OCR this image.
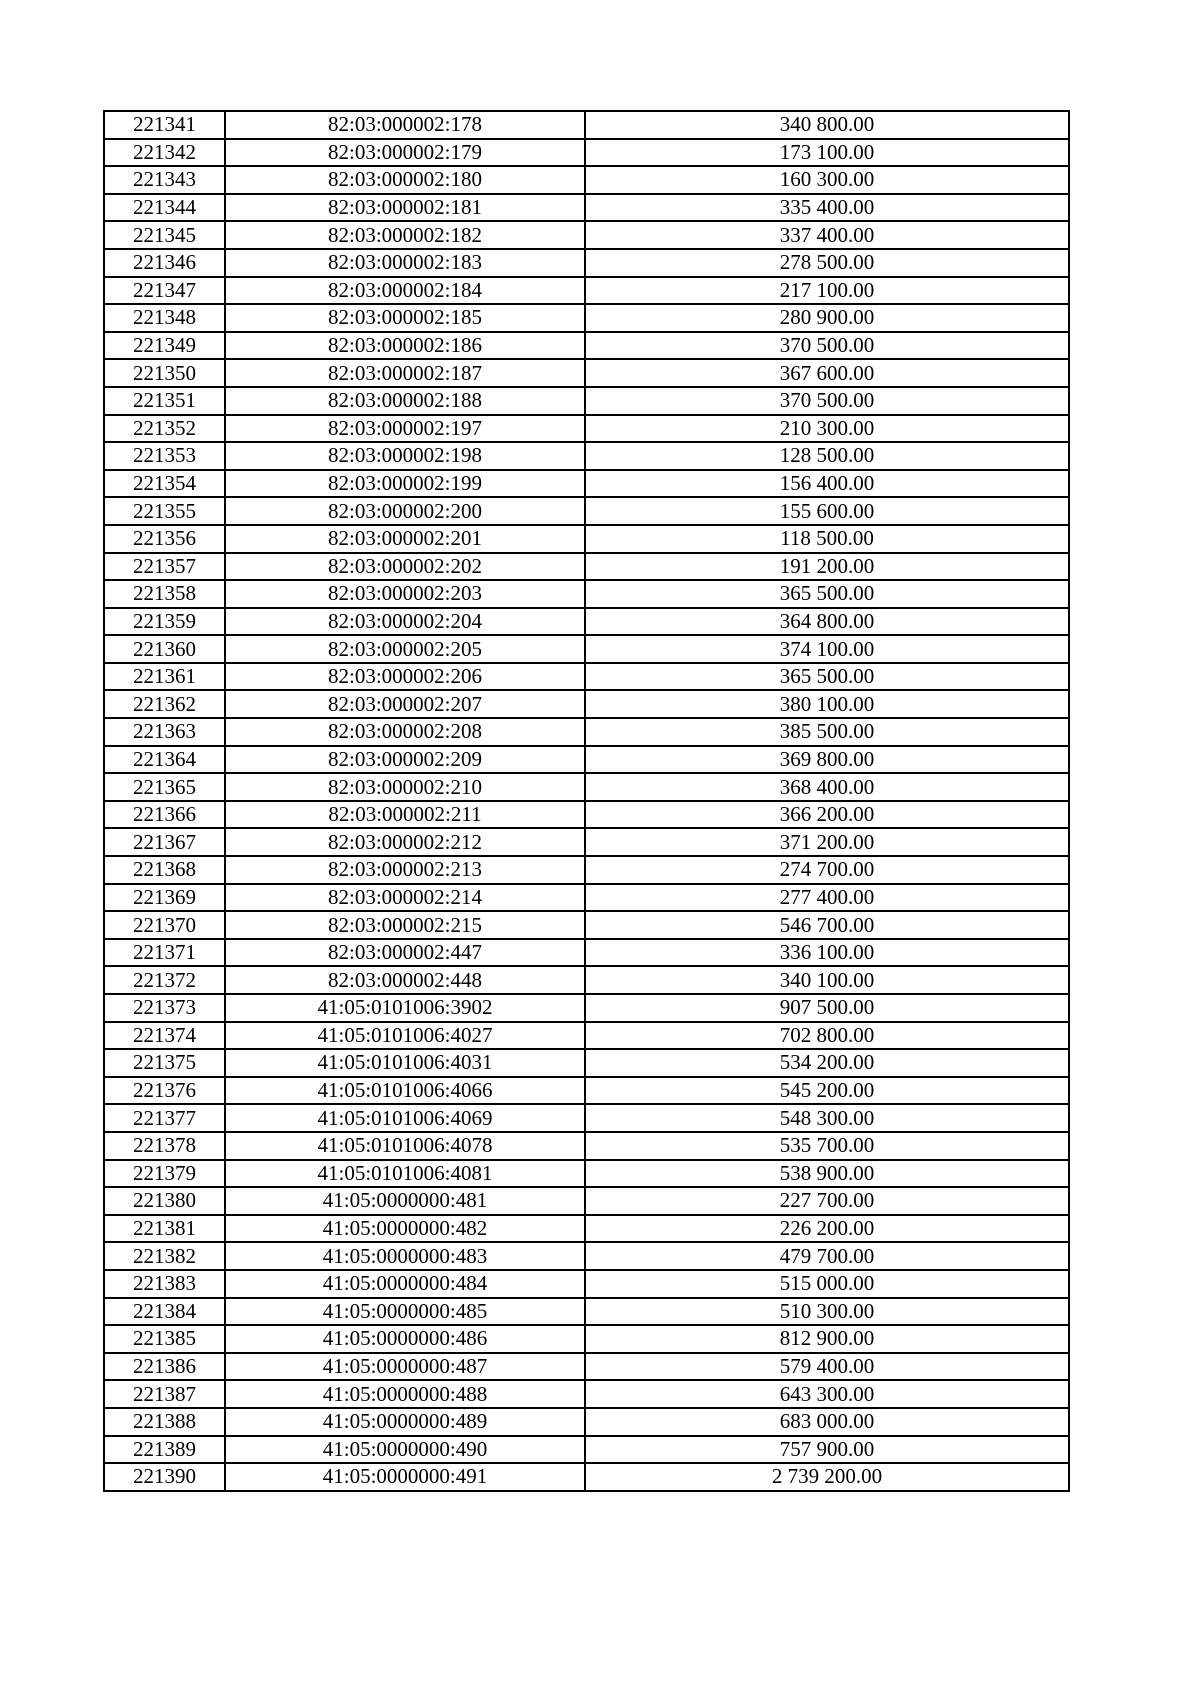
221341	82:03:000002:178	340 800.00
221342	82:03:000002:179	173 100.00
221343	82:03:000002:180	160 300.00
221344	82:03:000002:181	335 400.00
221345	82:03:000002:182	337 400.00
221346	82:03:000002:183	278 500.00
221347	82:03:000002:184	217 100.00
221348	82:03:000002:185	280 900.00
221349	82:03:000002:186	370 500.00
221350	82:03:000002:187	367 600.00
221351	82:03:000002:188	370 500.00
221352	82:03:000002:197	210 300.00
221353	82:03:000002:198	128 500.00
221354	82:03:000002:199	156 400.00
221355	82:03:000002:200	155 600.00
221356	82:03:000002:201	118 500.00
221357	82:03:000002:202	191 200.00
221358	82:03:000002:203	365 500.00
221359	82:03:000002:204	364 800.00
221360	82:03:000002:205	374 100.00
221361	82:03:000002:206	365 500.00
221362	82:03:000002:207	380 100.00
221363	82:03:000002:208	385 500.00
221364	82:03:000002:209	369 800.00
221365	82:03:000002:210	368 400.00
221366	82:03:000002:211	366 200.00
221367	82:03:000002:212	371 200.00
221368	82:03:000002:213	274 700.00
221369	82:03:000002:214	277 400.00
221370	82:03:000002:215	546 700.00
221371	82:03:000002:447	336 100.00
221372	82:03:000002:448	340 100.00
221373	41:05:0101006:3902	907 500.00
221374	41:05:0101006:4027	702 800.00
221375	41:05:0101006:4031	534 200.00
221376	41:05:0101006:4066	545 200.00
221377	41:05:0101006:4069	548 300.00
221378	41:05:0101006:4078	535 700.00
221379	41:05:0101006:4081	538 900.00
221380	41:05:0000000:481	227 700.00
221381	41:05:0000000:482	226 200.00
221382	41:05:0000000:483	479 700.00
221383	41:05:0000000:484	515 000.00
221384	41:05:0000000:485	510 300.00
221385	41:05:0000000:486	812 900.00
221386	41:05:0000000:487	579 400.00
221387	41:05:0000000:488	643 300.00
221388	41:05:0000000:489	683 000.00
221389	41:05:0000000:490	757 900.00
221390	41:05:0000000:491	2 739 200.00
